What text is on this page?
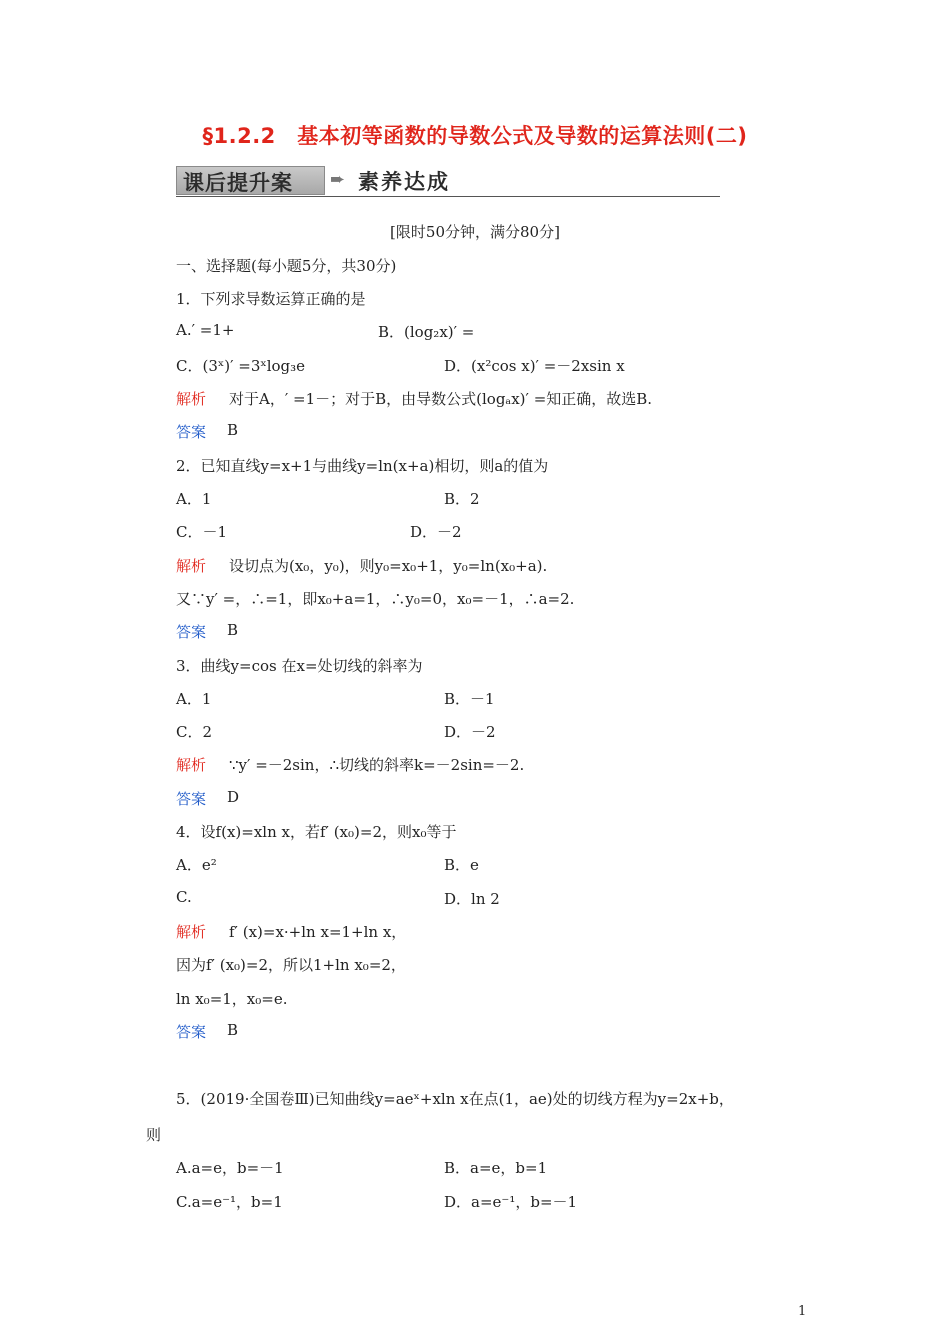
§1.2.2　基本初等函数的导数公式及导数的运算法则(二)
课后提升案 ➨ 素养达成
[限时50分钟，满分80分]
一、选择题(每小题5分，共30分)
1．下列求导数运算正确的是
A.′ =1+	B．(log₂x)′ =
C．(3ˣ)′ =3ˣlog₃e	D．(x²cos x)′ =－2xsin x
解析 对于A，′ =1－；对于B，由导数公式(logₐx)′ =知正确，故选B.
答案 B
2．已知直线y=x+1与曲线y=ln(x+a)相切，则a的值为
A．1	B．2
C．－1	D．－2
解析 设切点为(x₀，y₀)，则y₀=x₀+1，y₀=ln(x₀+a).
又∵y′ =，∴=1，即x₀+a=1，∴y₀=0，x₀=－1，∴a=2.
答案 B
3．曲线y=cos 在x=处切线的斜率为
A．1	B．－1
C．2	D．－2
解析 ∵y′ =－2sin，∴切线的斜率k=－2sin=－2.
答案 D
4．设f(x)=xln x，若f′ (x₀)=2，则x₀等于
A．e²	B．e
C.	D．ln 2
解析 f′ (x)=x·+ln x=1+ln x，
因为f′ (x₀)=2，所以1+ln x₀=2，
ln x₀=1，x₀=e.
答案 B
5．(2019·全国卷Ⅲ)已知曲线y=aeˣ+xln x在点(1，ae)处的切线方程为y=2x+b，
则
A.a=e，b=－1	B．a=e，b=1
C.a=e⁻¹，b=1	D．a=e⁻¹，b=－1
1
